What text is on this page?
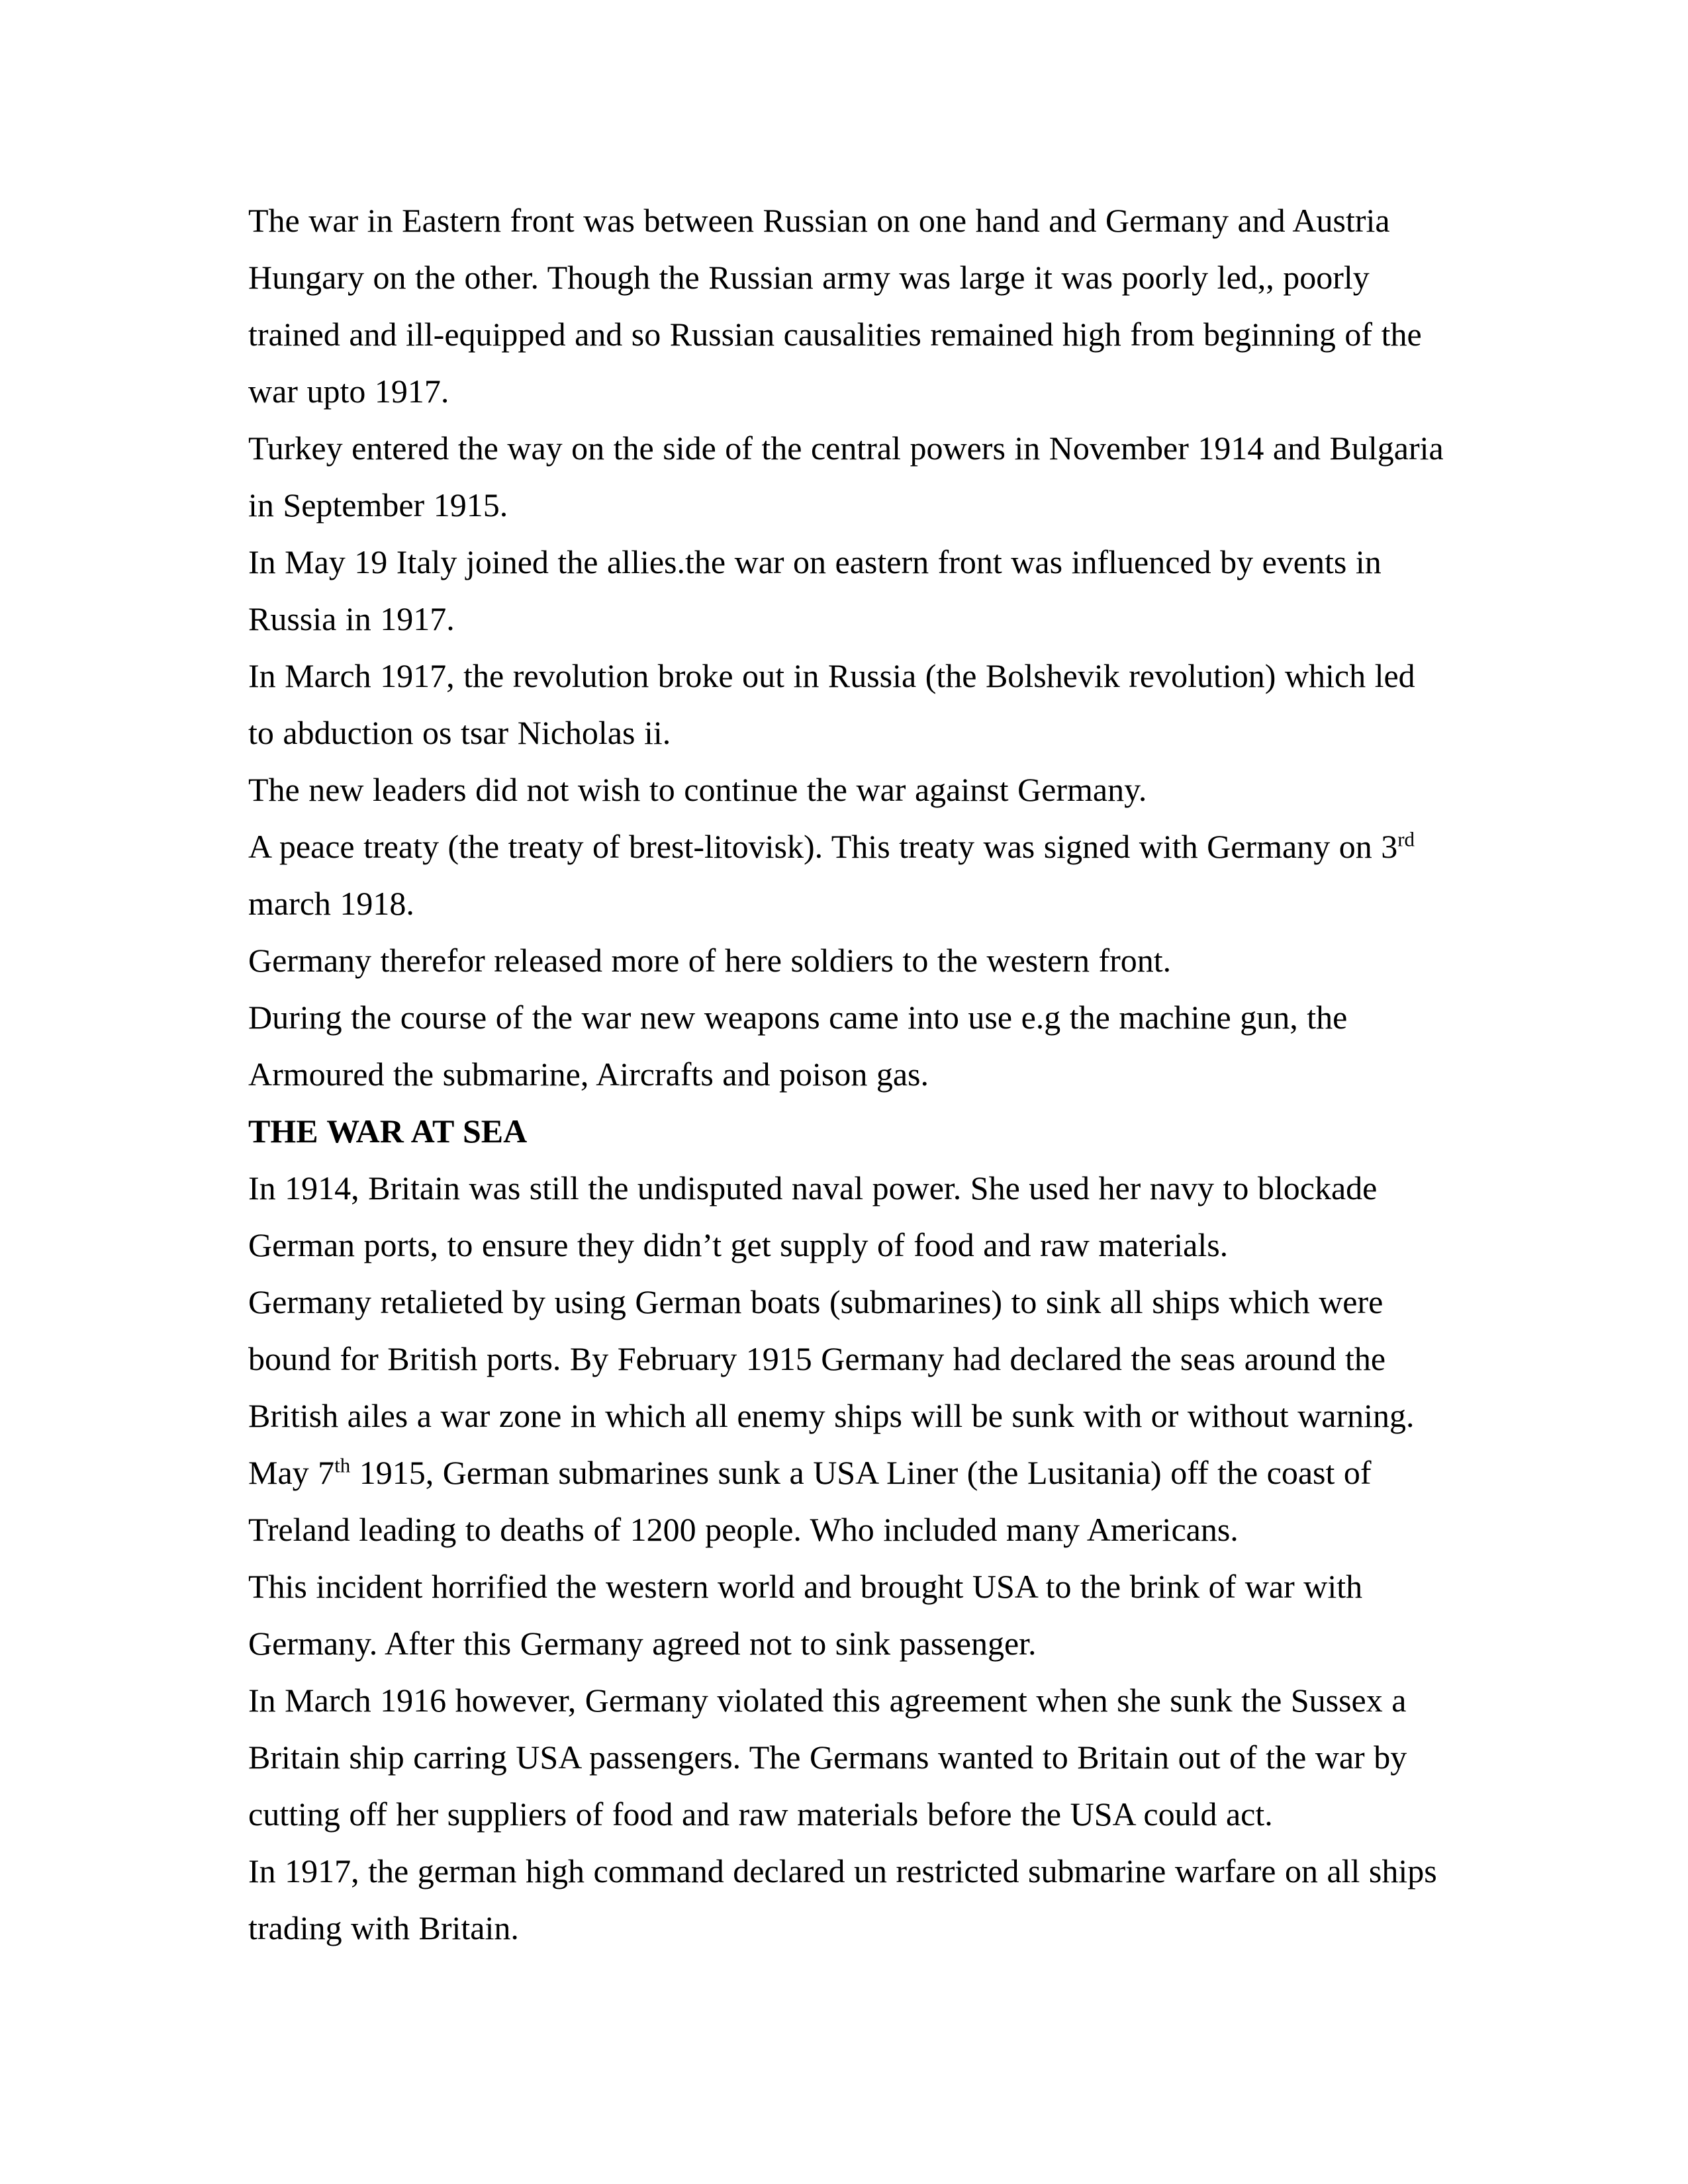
The war in Eastern front was between Russian on one hand and Germany and Austria Hungary on the other. Though the Russian army was large it was poorly led,, poorly trained and ill-equipped and so Russian causalities remained high from beginning of the war upto 1917.

Turkey entered the way on the side of the central powers in November 1914 and Bulgaria in September 1915.

In May 19 Italy joined the allies.the war on eastern front was influenced by events in Russia in 1917.

In March 1917, the revolution broke out in Russia (the Bolshevik revolution) which led to abduction os tsar Nicholas ii.

The new leaders did not wish to continue the war against Germany.

A peace treaty (the treaty of brest-litovisk). This treaty was signed with Germany on 3rd march 1918.

Germany therefor released more of here soldiers to the western front.

During the course of the war new weapons came into use e.g the machine gun, the Armoured the submarine, Aircrafts and poison gas.

THE WAR AT SEA

In 1914, Britain was still the undisputed naval power. She used her navy to blockade German ports, to ensure they didn’t get supply of food and raw materials.

Germany retalieted by using German boats (submarines) to sink all ships which were bound for British ports. By February 1915 Germany had declared the seas around the British ailes a war zone in which all enemy ships will be sunk with or without warning.

May 7th 1915, German submarines sunk a USA Liner (the Lusitania) off the coast of Treland leading to deaths of 1200 people. Who included many Americans.

This incident horrified the western world and brought USA to the brink of war with Germany. After this Germany agreed not to sink passenger.

In March 1916 however, Germany violated this agreement when she sunk the Sussex a Britain ship carring USA passengers. The Germans wanted to Britain out of the war by cutting off her suppliers of food and raw materials before the USA could act.

In 1917, the german high command declared un restricted submarine warfare on all ships trading with Britain.
